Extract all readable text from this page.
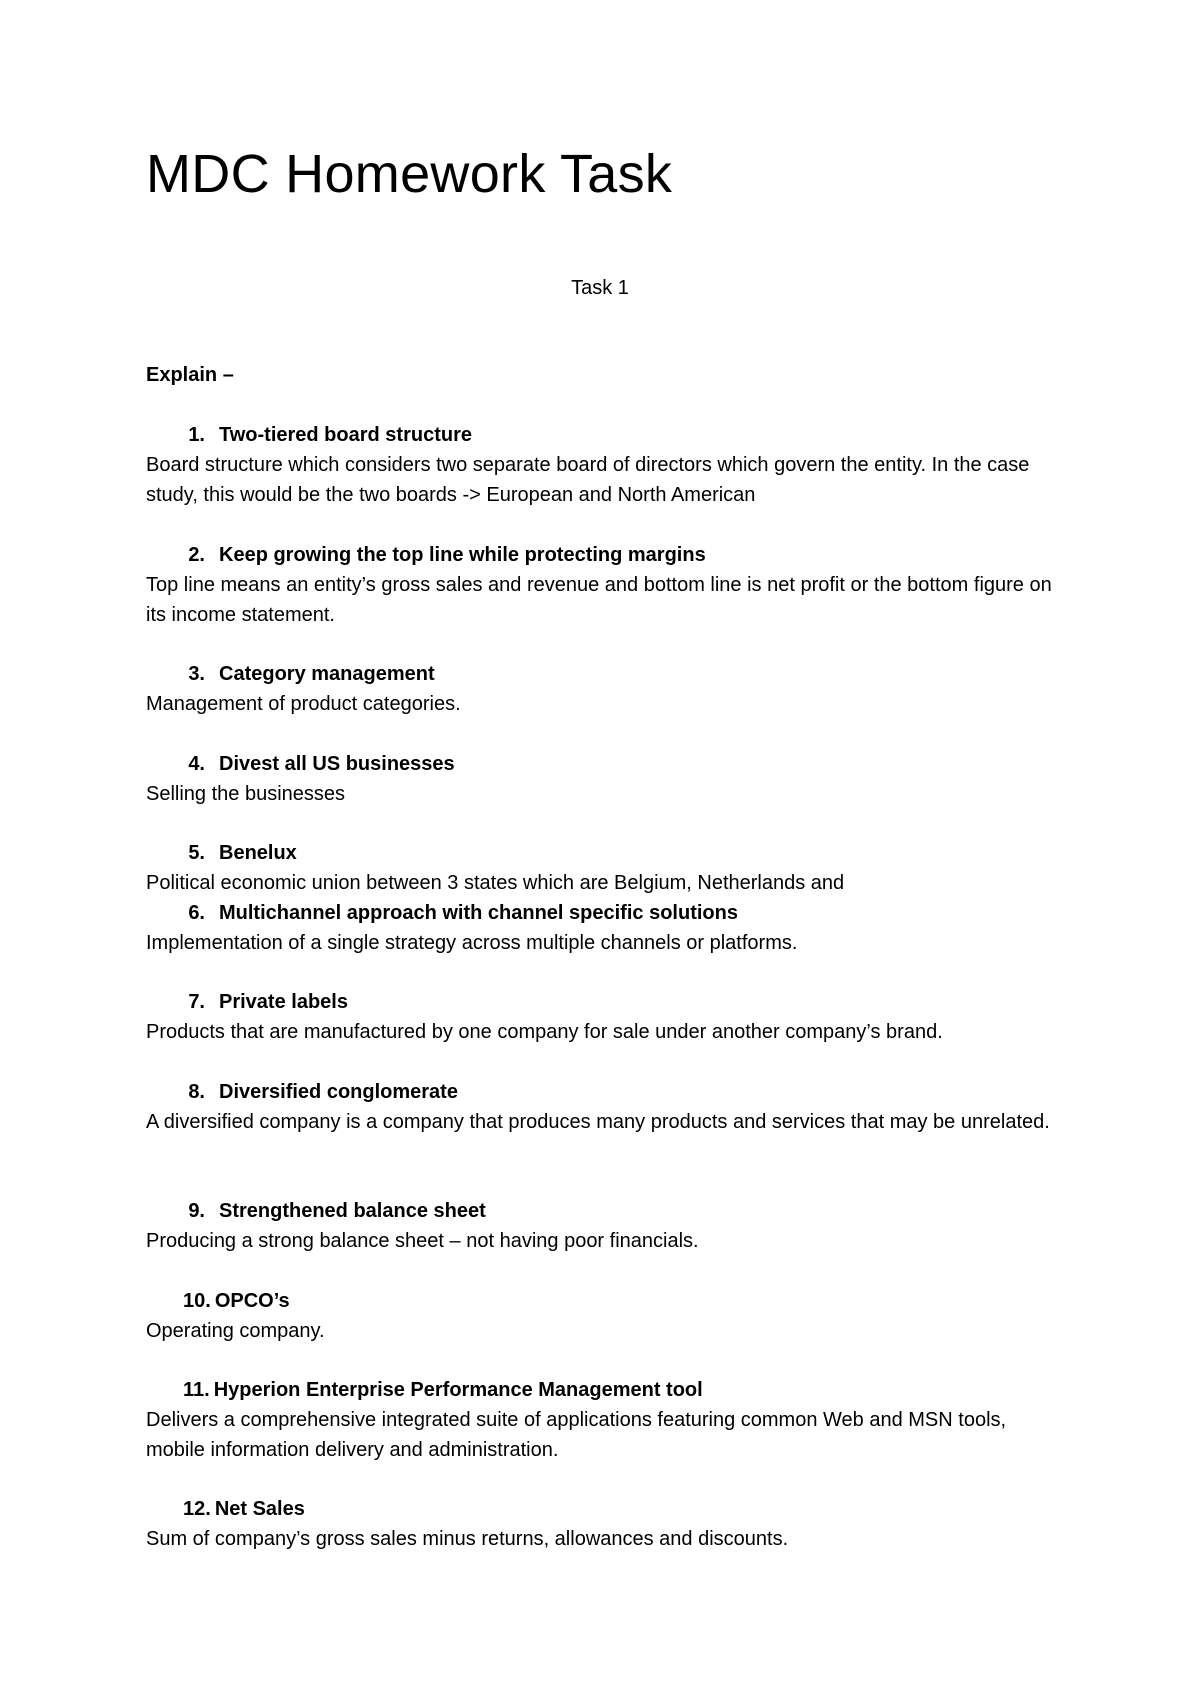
MDC Homework Task
Task 1
Explain –
1. Two-tiered board structure

Board structure which considers two separate board of directors which govern the entity. In the case study, this would be the two boards -> European and North American

2. Keep growing the top line while protecting margins

Top line means an entity’s gross sales and revenue and bottom line is net profit or the bottom figure on its income statement.

3. Category management

Management of product categories.

4. Divest all US businesses

Selling the businesses

5. Benelux

Political economic union between 3 states which are Belgium, Netherlands and

6. Multichannel approach with channel specific solutions

Implementation of a single strategy across multiple channels or platforms.

7. Private labels

Products that are manufactured by one company for sale under another company’s brand.

8. Diversified conglomerate

A diversified company is a company that produces many products and services that may be unrelated.

9. Strengthened balance sheet

Producing a strong balance sheet – not having poor financials.

10. OPCO’s

Operating company.

11. Hyperion Enterprise Performance Management tool

Delivers a comprehensive integrated suite of applications featuring common Web and MSN tools, mobile information delivery and administration.

12. Net Sales

Sum of company’s gross sales minus returns, allowances and discounts.
